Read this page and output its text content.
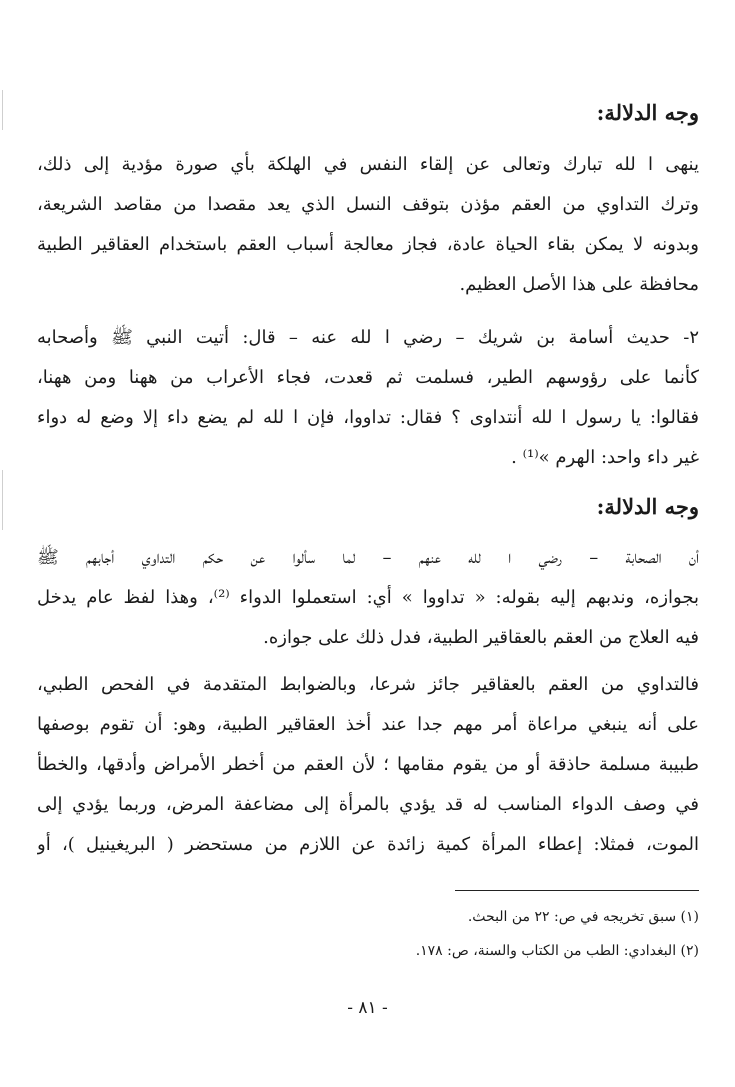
وجه الدلالة:
ينهى ا لله تبارك وتعالى عن إلقاء النفس في الهلكة بأي صورة مؤدية إلى ذلك،
وترك التداوي من العقم مؤذن بتوقف النسل الذي يعد مقصدا من مقاصد الشريعة،
وبدونه لا يمكن بقاء الحياة عادة، فجاز معالجة أسباب العقم باستخدام العقاقير الطبية
محافظة على هذا الأصل العظيم.
٢- حديث أسامة بن شريك – رضي ا لله عنه – قال: أتيت النبي ﷺ وأصحابه
كأنما على رؤوسهم الطير، فسلمت ثم قعدت، فجاء الأعراب من ههنا ومن ههنا،
فقالوا: يا رسول ا لله أنتداوى ؟ فقال: تداووا، فإن ا لله لم يضع داء إلا وضع له دواء
غير داء واحد: الهرم »⁽¹⁾ .
وجه الدلالة:
أن الصحابة – رضي ا لله عنهم – لما سألوا عن حكم التداوي أجابهم ﷺ
بجوازه، وندبهم إليه بقوله: « تداووا » أي: استعملوا الدواء ⁽²⁾، وهذا لفظ عام يدخل
فيه العلاج من العقم بالعقاقير الطبية، فدل ذلك على جوازه.
فالتداوي من العقم بالعقاقير جائز شرعا، وبالضوابط المتقدمة في الفحص الطبي،
على أنه ينبغي مراعاة أمر مهم جدا عند أخذ العقاقير الطبية، وهو: أن تقوم بوصفها
طبيبة مسلمة حاذقة أو من يقوم مقامها ؛ لأن العقم من أخطر الأمراض وأدقها، والخطأ
في وصف الدواء المناسب له قد يؤدي بالمرأة إلى مضاعفة المرض، وربما يؤدي إلى
الموت، فمثلا: إعطاء المرأة كمية زائدة عن اللازم من مستحضر ( البريغينيل )، أو
(١) سبق تخريجه في ص: ٢٢ من البحث.
(٢) البغدادي: الطب من الكتاب والسنة، ص: ١٧٨.
- ٨١ -
